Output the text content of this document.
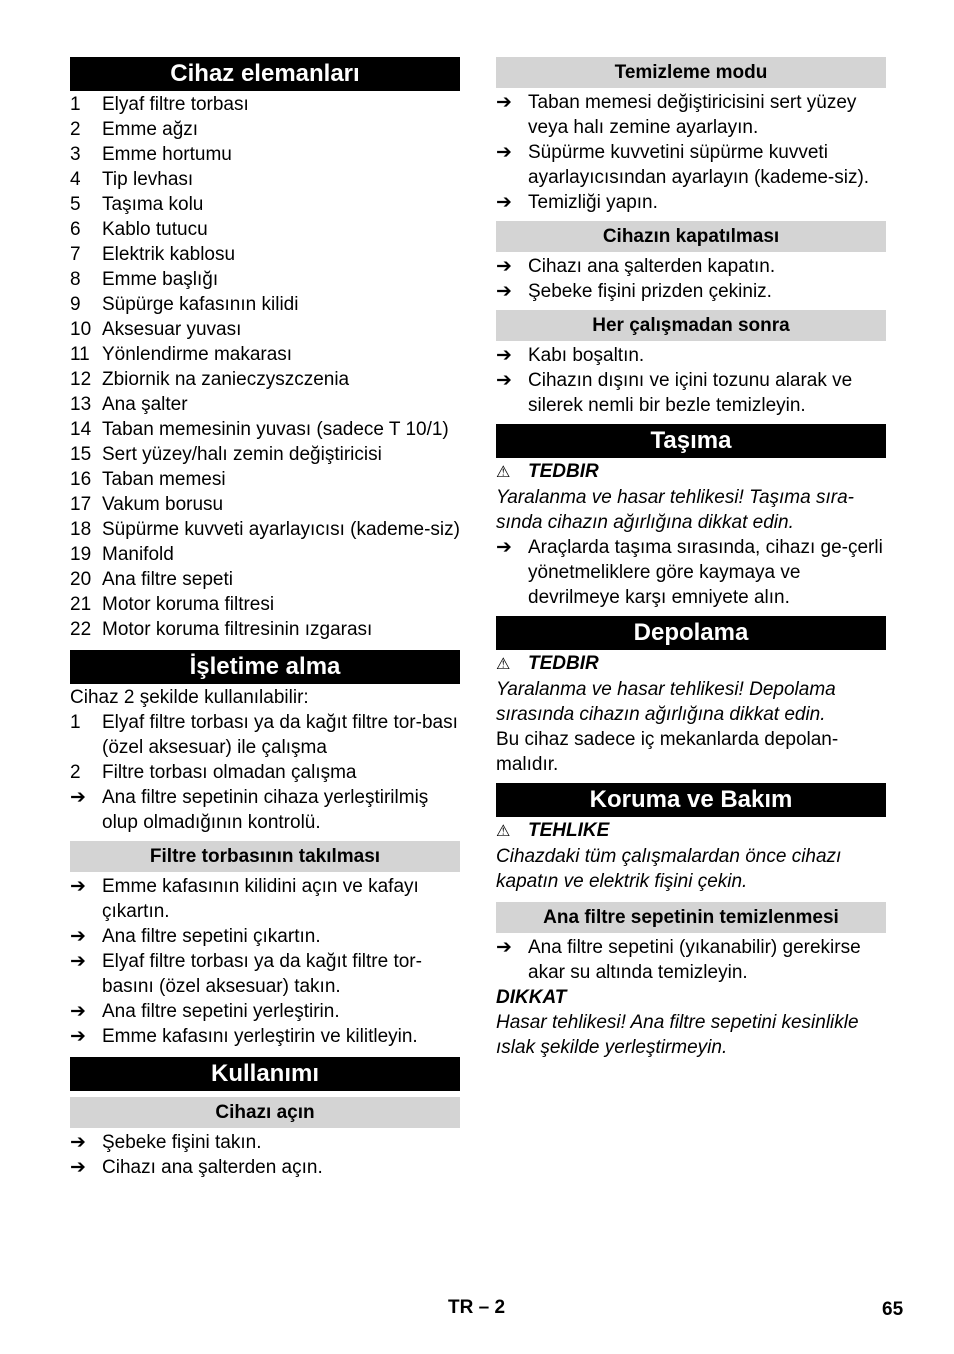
Cihaz elemanları
1	Elyaf filtre torbası
2	Emme ağzı
3	Emme hortumu
4	Tip levhası
5	Taşıma kolu
6	Kablo tutucu
7	Elektrik kablosu
8	Emme başlığı
9	Süpürge kafasının kilidi
10 Aksesuar yuvası
11 Yönlendirme makarası
12 Zbiornik na zanieczyszczenia
13 Ana şalter
14 Taban memesinin yuvası (sadece T 10/1)
15 Sert yüzey/halı zemin değiştiricisi
16 Taban memesi
17 Vakum borusu
18 Süpürme kuvveti ayarlayıcısı (kademe-siz)
19 Manifold
20 Ana filtre sepeti
21 Motor koruma filtresi
22 Motor koruma filtresinin ızgarası
İşletime alma
Cihaz 2 şekilde kullanılabilir:
1	Elyaf filtre torbası ya da kağıt filtre tor-bası (özel aksesuar) ile çalışma
2	Filtre torbası olmadan çalışma
➔ Ana filtre sepetinin cihaza yerleştirilmiş olup olmadığının kontrolü.
Filtre torbasının takılması
➔ Emme kafasının kilidini açın ve kafayı çıkartın.
➔ Ana filtre sepetini çıkartın.
➔ Elyaf filtre torbası ya da kağıt filtre tor-basını (özel aksesuar) takın.
➔ Ana filtre sepetini yerleştirin.
➔ Emme kafasını yerleştirin ve kilitleyin.
Kullanımı
Cihazı açın
➔ Şebeke fişini takın.
➔ Cihazı ana şalterden açın.
Temizleme modu
➔ Taban memesi değiştiricisini sert yüzey veya halı zemine ayarlayın.
➔ Süpürme kuvvetini süpürme kuvveti ayarlayıcısından ayarlayın (kademe-siz).
➔ Temizliği yapın.
Cihazın kapatılması
➔ Cihazı ana şalterden kapatın.
➔ Şebeke fişini prizden çekiniz.
Her çalışmadan sonra
➔ Kabı boşaltın.
➔ Cihazın dışını ve içini tozunu alarak ve silerek nemli bir bezle temizleyin.
Taşıma
⚠ TEDBIR
Yaralanma ve hasar tehlikesi! Taşıma sıra-sında cihazın ağırlığına dikkat edin.
➔ Araçlarda taşıma sırasında, cihazı ge-çerli yönetmeliklere göre kaymaya ve devrilmeye karşı emniyete alın.
Depolama
⚠ TEDBIR
Yaralanma ve hasar tehlikesi! Depolama sırasında cihazın ağırlığına dikkat edin.
Bu cihaz sadece iç mekanlarda depolan-malıdır.
Koruma ve Bakım
⚠ TEHLIKE
Cihazdaki tüm çalışmalardan önce cihazı kapatın ve elektrik fişini çekin.
Ana filtre sepetinin temizlenmesi
➔ Ana filtre sepetini (yıkanabilir) gerekirse akar su altında temizleyin.
DIKKAT
Hasar tehlikesi! Ana filtre sepetini kesinlikle ıslak şekilde yerleştirmeyin.
TR – 2	65
